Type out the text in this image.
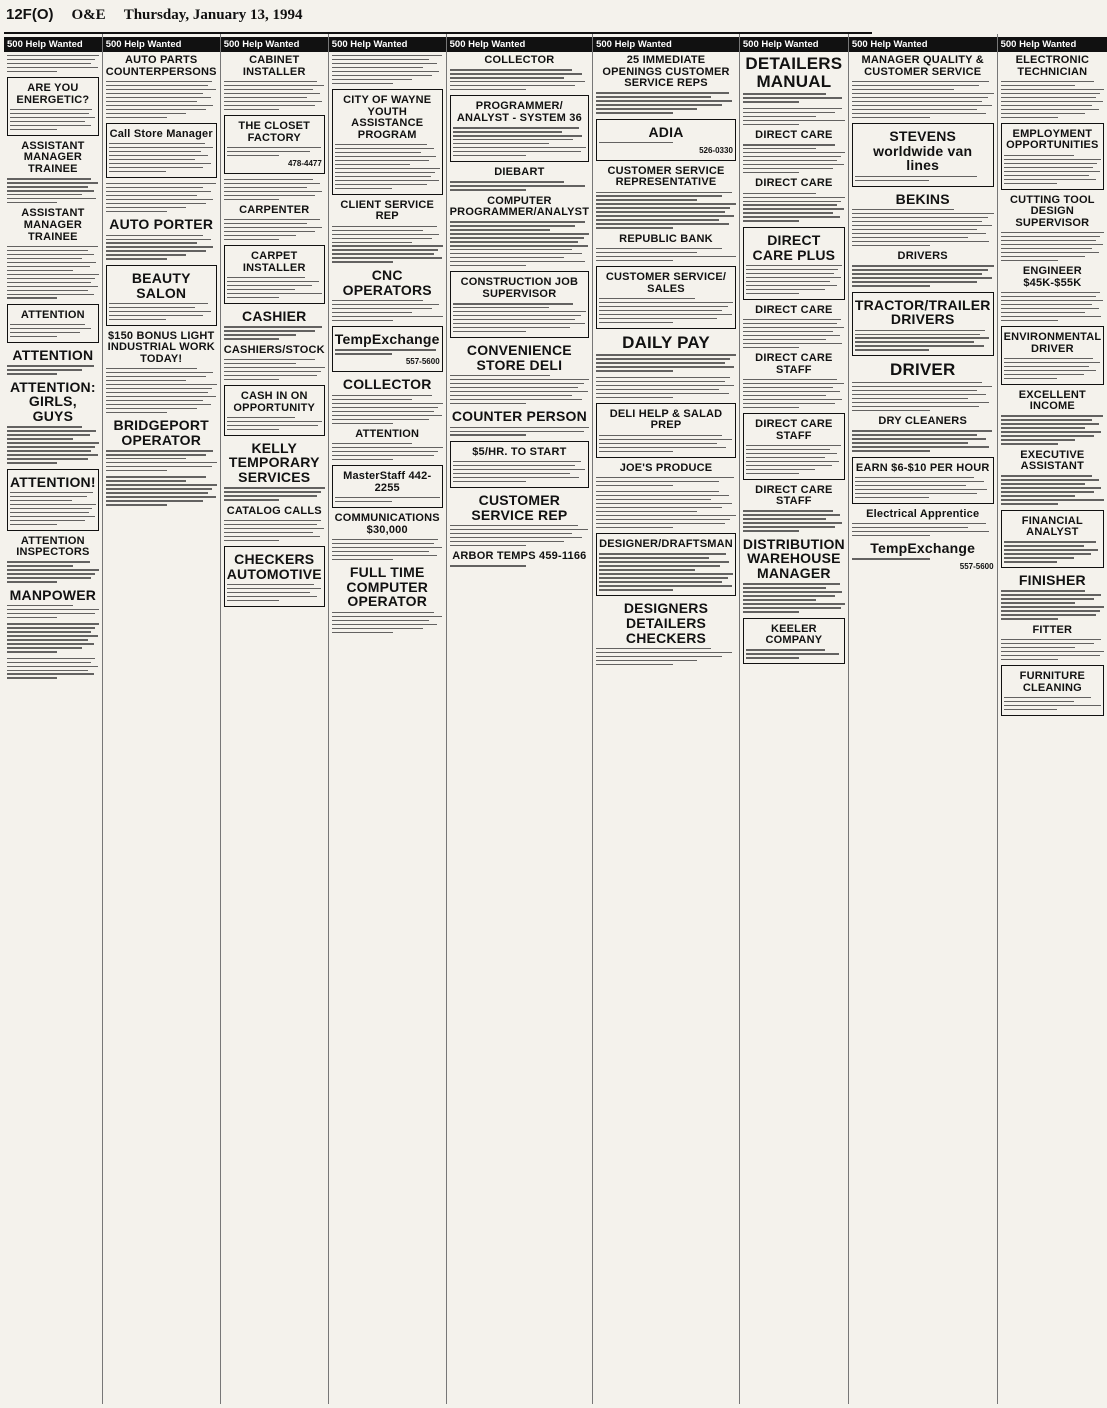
12F(O) O&E Thursday, January 13, 1994
500 Help Wanted
ARE YOU ENERGETIC?
ASSISTANT MANAGER TRAINEE
ASSISTANT MANAGER TRAINEE
ATTENTION
ATTENTION
ATTENTION: GIRLS, GUYS
ATTENTION!
ATTENTION INSPECTORS
MANPOWER
500 Help Wanted
AUTO PARTS COUNTERPERSONS
Call Store Manager
AUTO PORTER
BEAUTY SALON
$150 BONUS LIGHT INDUSTRIAL WORK TODAY!
BRIDGEPORT OPERATOR
500 Help Wanted
CABINET INSTALLER
THE CLOSET FACTORY
478-4477
CARPENTER
CARPET INSTALLER
CASHIER
CASHIERS/STOCK
CASH IN ON OPPORTUNITY
KELLY TEMPORARY SERVICES
CATALOG CALLS
CHECKERS AUTOMOTIVE
500 Help Wanted
CITY OF WAYNE YOUTH ASSISTANCE PROGRAM
CLIENT SERVICE REP
CNC OPERATORS
TempExchange
557-5600
COLLECTOR
ATTENTION
MasterStaff 442-2255
COMMUNICATIONS $30,000
FULL TIME COMPUTER OPERATOR
500 Help Wanted
COLLECTOR
PROGRAMMER/ ANALYST - SYSTEM 36
DIEBART
COMPUTER PROGRAMMER/ANALYST
CONSTRUCTION JOB SUPERVISOR
CONVENIENCE STORE DELI
COUNTER PERSON
$5/HR. TO START
CUSTOMER SERVICE REP
ARBOR TEMPS 459-1166
500 Help Wanted
25 IMMEDIATE OPENINGS CUSTOMER SERVICE REPS
ADIA
526-0330
CUSTOMER SERVICE REPRESENTATIVE
REPUBLIC BANK
CUSTOMER SERVICE/ SALES
DAILY PAY
DELI HELP & SALAD PREP
JOE'S PRODUCE
DESIGNER/DRAFTSMAN
DESIGNERS DETAILERS CHECKERS
500 Help Wanted
DETAILERS MANUAL
DIRECT CARE
DIRECT CARE
DIRECT CARE PLUS
DIRECT CARE
DIRECT CARE STAFF
DIRECT CARE STAFF
DIRECT CARE STAFF
DISTRIBUTION WAREHOUSE MANAGER
KEELER COMPANY
500 Help Wanted
MANAGER QUALITY & CUSTOMER SERVICE
STEVENS worldwide van lines
BEKINS
DRIVERS
TRACTOR/TRAILER DRIVERS
DRIVER
DRY CLEANERS
EARN $6-$10 PER HOUR
Electrical Apprentice
TempExchange
557-5600
500 Help Wanted
ELECTRONIC TECHNICIAN
EMPLOYMENT OPPORTUNITIES
CUTTING TOOL DESIGN SUPERVISOR
ENGINEER $45K-$55K
ENVIRONMENTAL DRIVER
EXCELLENT INCOME
EXECUTIVE ASSISTANT
FINANCIAL ANALYST
FINISHER
FITTER
FURNITURE CLEANING
